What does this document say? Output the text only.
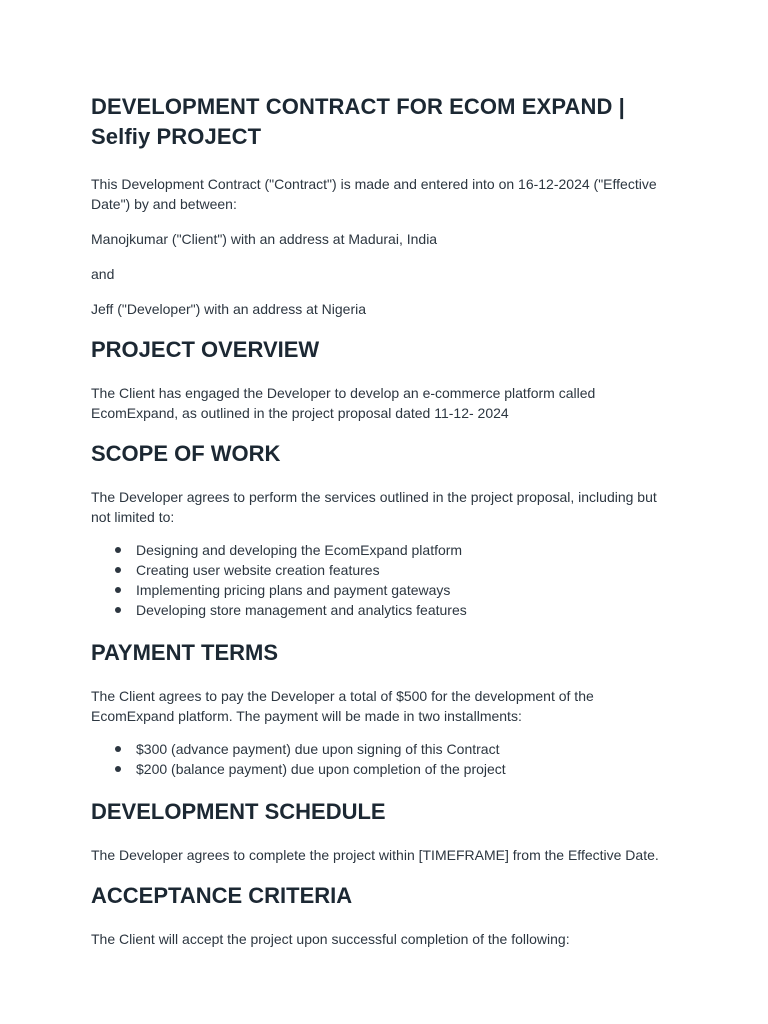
DEVELOPMENT CONTRACT FOR ECOM EXPAND | Selfiy PROJECT

This Development Contract ("Contract") is made and entered into on 16-12-2024 ("Effective Date") by and between:

Manojkumar ("Client") with an address at Madurai, India

and

Jeff ("Developer") with an address at Nigeria

PROJECT OVERVIEW

The Client has engaged the Developer to develop an e-commerce platform called EcomExpand, as outlined in the project proposal dated 11-12- 2024

SCOPE OF WORK

The Developer agrees to perform the services outlined in the project proposal, including but not limited to:

Designing and developing the EcomExpand platform
Creating user website creation features
Implementing pricing plans and payment gateways
Developing store management and analytics features
PAYMENT TERMS

The Client agrees to pay the Developer a total of $500 for the development of the EcomExpand platform. The payment will be made in two installments:

$300 (advance payment) due upon signing of this Contract
$200 (balance payment) due upon completion of the project
DEVELOPMENT SCHEDULE

The Developer agrees to complete the project within [TIMEFRAME] from the Effective Date.

ACCEPTANCE CRITERIA

The Client will accept the project upon successful completion of the following:
